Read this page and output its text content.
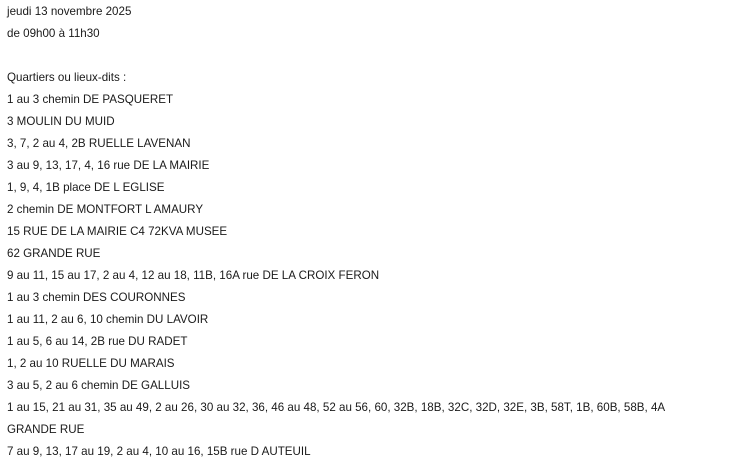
jeudi 13 novembre 2025
de 09h00 à 11h30
Quartiers ou lieux-dits :
1 au 3 chemin DE PASQUERET
3 MOULIN DU MUID
3, 7, 2 au 4, 2B RUELLE LAVENAN
3 au 9, 13, 17, 4, 16 rue DE LA MAIRIE
1, 9, 4, 1B place DE L EGLISE
2 chemin DE MONTFORT L AMAURY
15 RUE DE LA MAIRIE C4 72KVA MUSEE
62 GRANDE RUE
9 au 11, 15 au 17, 2 au 4, 12 au 18, 11B, 16A rue DE LA CROIX FERON
1 au 3 chemin DES COURONNES
1 au 11, 2 au 6, 10 chemin DU LAVOIR
1 au 5, 6 au 14, 2B rue DU RADET
1, 2 au 10 RUELLE DU MARAIS
3 au 5, 2 au 6 chemin DE GALLUIS
1 au 15, 21 au 31, 35 au 49, 2 au 26, 30 au 32, 36, 46 au 48, 52 au 56, 60, 32B, 18B, 32C, 32D, 32E, 3B, 58T, 1B, 60B, 58B, 4A
GRANDE RUE
7 au 9, 13, 17 au 19, 2 au 4, 10 au 16, 15B rue D AUTEUIL
